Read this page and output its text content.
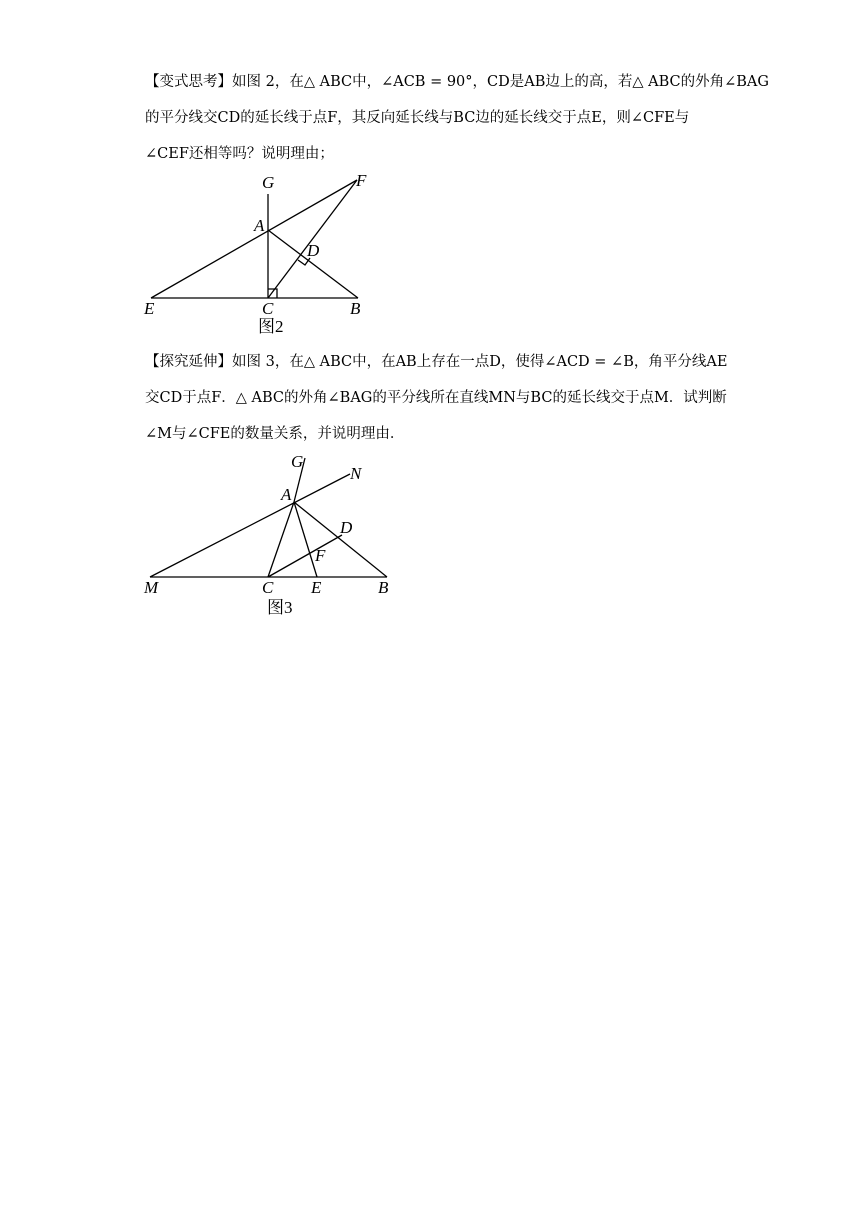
【变式思考】如图 2，在△ ABC中，∠ACB = 90°，CD是AB边上的高，若△ ABC的外角∠BAG
的平分线交CD的延长线于点F，其反向延长线与BC边的延长线交于点E，则∠CFE与
∠CEF还相等吗？说明理由；
G	F
A
D
E	C	B
图2
【探究延伸】如图 3，在△ ABC中，在AB上存在一点D，使得∠ACD = ∠B，角平分线AE
交CD于点F．△ ABC的外角∠BAG的平分线所在直线MN与BC的延长线交于点M．试判断
∠M与∠CFE的数量关系，并说明理由．
G
N
A
D
F
M	C E	B
图3
